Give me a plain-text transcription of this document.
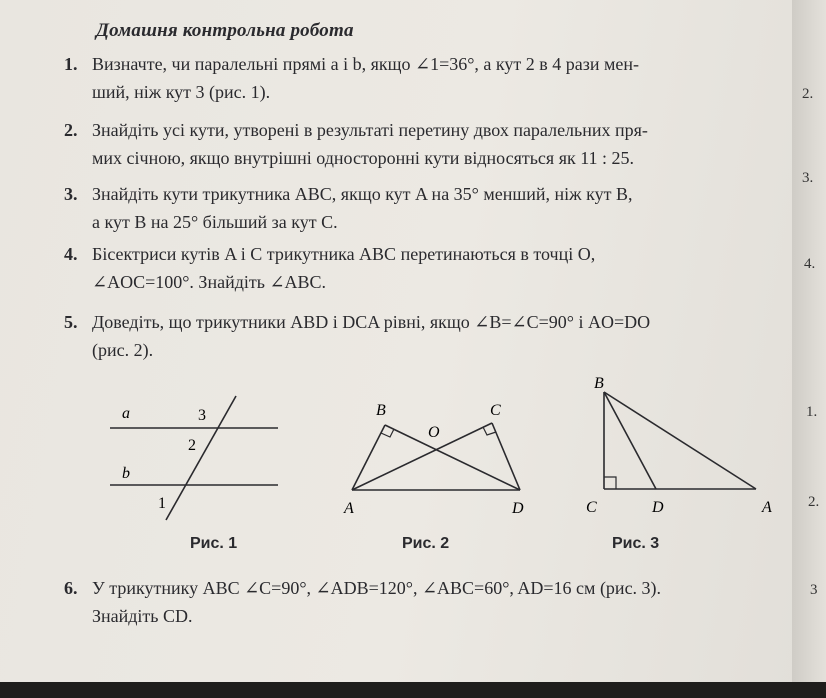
Домашня контрольна робота
1. Визначте, чи паралельні прямі a і b, якщо ∠1=36°, а кут 2 в 4 рази мен-
ший, ніж кут 3 (рис. 1).
2. Знайдіть усі кути, утворені в результаті перетину двох паралельних пря-
мих січною, якщо внутрішні односторонні кути відносяться як 11 : 25.
3. Знайдіть кути трикутника ABC, якщо кут A на 35° менший, ніж кут B,
а кут B на 25° більший за кут C.
4. Бісектриси кутів A і C трикутника ABC перетинаються в точці O,
∠AOC=100°. Знайдіть ∠ABC.
5. Доведіть, що трикутники ABD і DCA рівні, якщо ∠B=∠C=90° і AO=DO
(рис. 2).
a
b
3
2
1
Рис. 1
B	C
O
A	D
Рис. 2
B
C	D	A
Рис. 3
6. У трикутнику ABC ∠C=90°, ∠ADB=120°, ∠ABC=60°, AD=16 см (рис. 3).
Знайдіть CD.
2.
3.
4.
1.
2.
3
